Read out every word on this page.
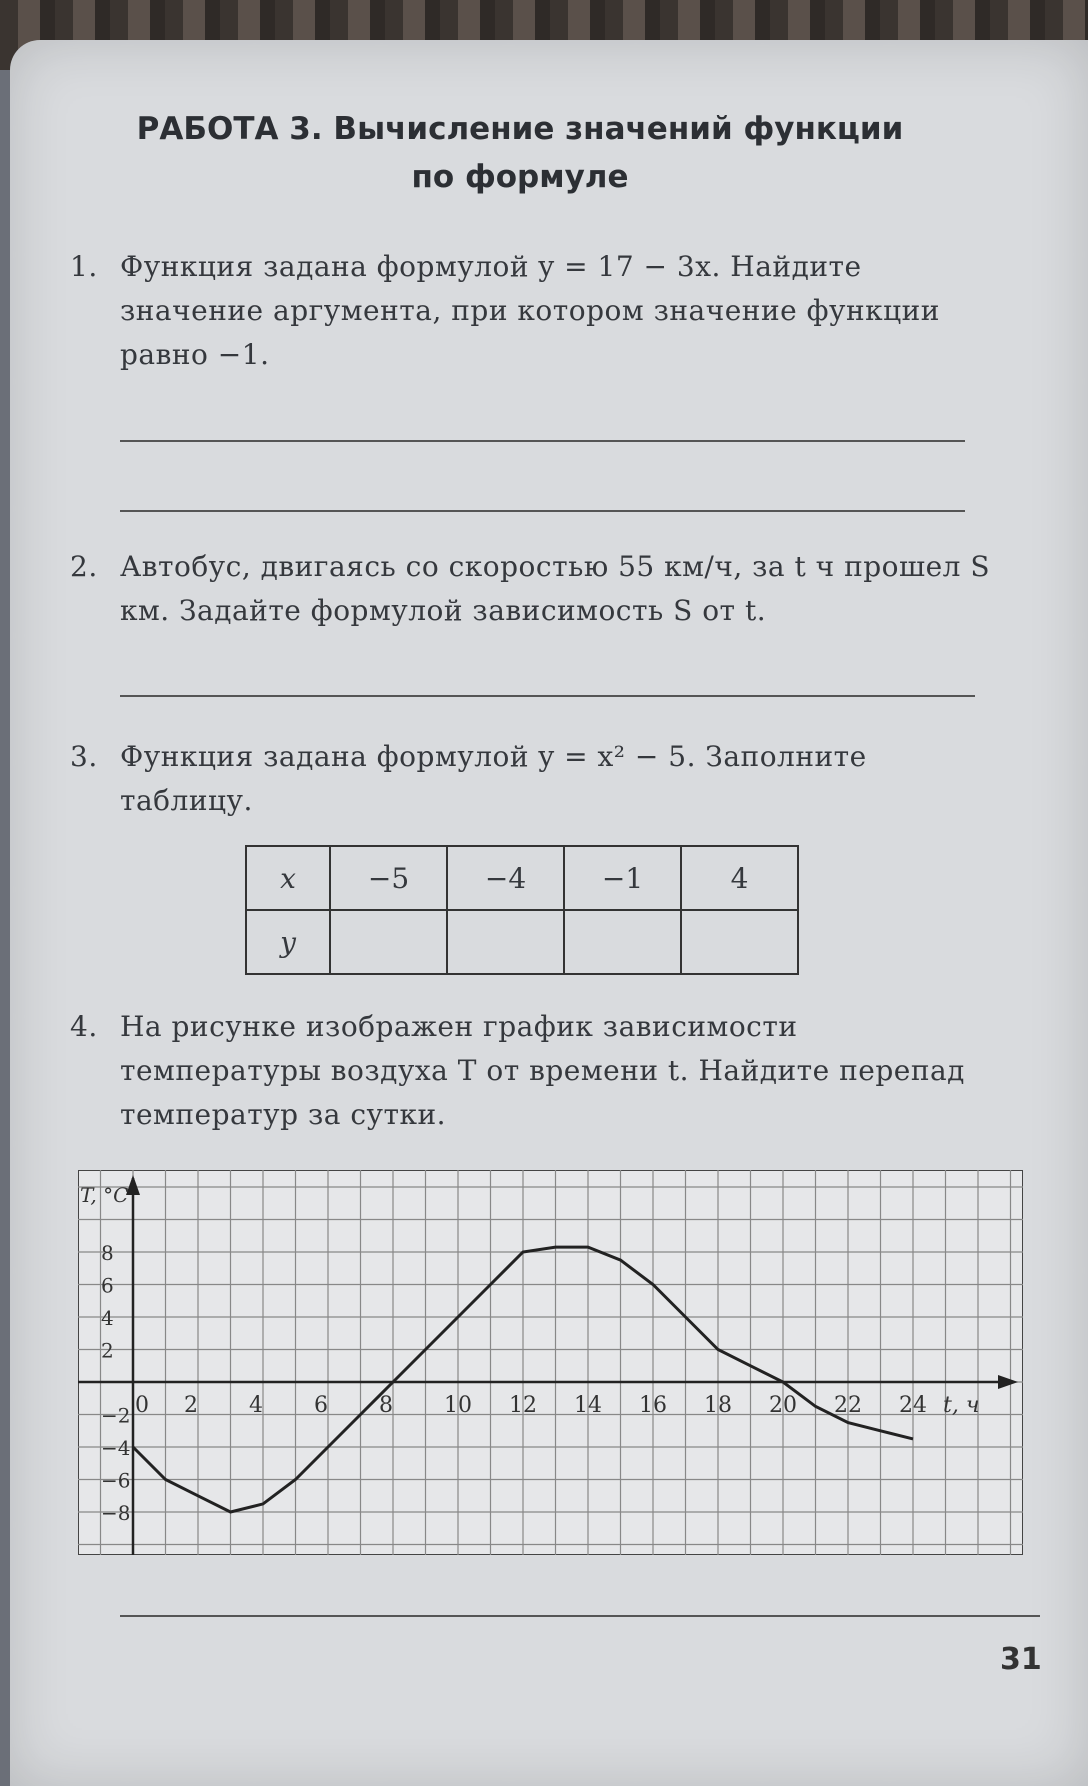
РАБОТА 3. Вычисление значений функции
по формуле
1. Функция задана формулой y = 17 − 3x. Найдите значение аргумента, при котором значение функции равно −1.
2. Автобус, двигаясь со скоростью 55 км/ч, за t ч прошел S км. Задайте формулой зависимость S от t.
3. Функция задана формулой y = x² − 5. Заполните таблицу.
x	−5	−4	−1	4
y				
4. На рисунке изображен график зависимости температуры воздуха T от времени t. Найдите перепад температур за сутки.
0 2 4 6 8 10 12 14 16 18 20 22 24
8
6
4
2
−2
−4
−6
−8
t, ч
T, °C
31
